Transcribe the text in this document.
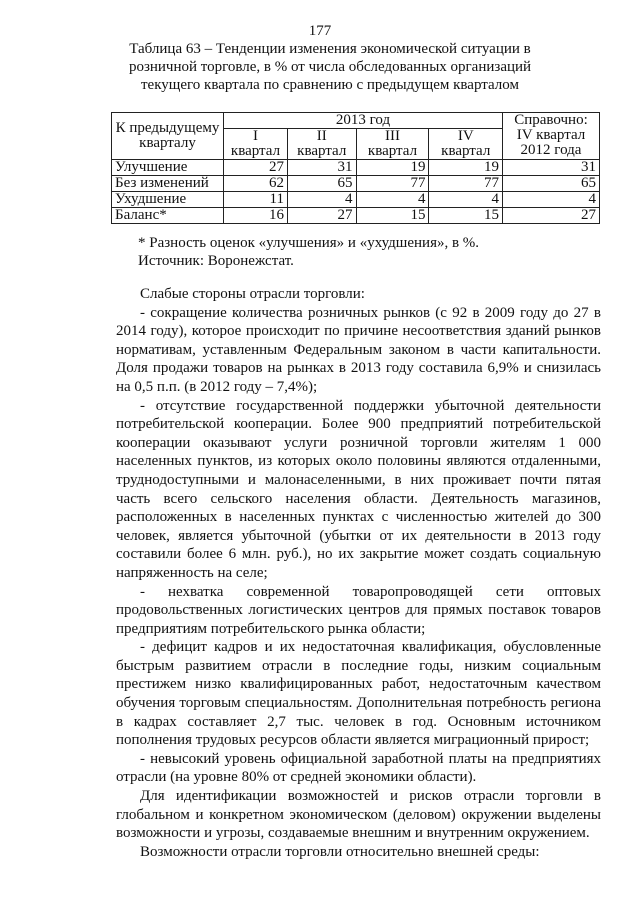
177
Таблица 63 – Тенденции изменения экономической ситуации в розничной торговле, в % от числа обследованных организаций текущего квартала по сравнению с предыдущем кварталом
К предыдущему кварталу	2013 год				Справочно: IV квартал 2012 года
	I квартал	II квартал	III квартал	IV квартал	
Улучшение	27	31	19	19	31
Без изменений	62	65	77	77	65
Ухудшение	11	4	4	4	4
Баланс*	16	27	15	15	27
* Разность оценок «улучшения» и «ухудшения», в %.
Источник: Воронежстат.

Слабые стороны отрасли торговли:

- сокращение количества розничных рынков (с 92 в 2009 году до 27 в 2014 году), которое происходит по причине несоответствия зданий рынков нормативам, уставленным Федеральным законом в части капитальности. Доля продажи товаров на рынках в 2013 году составила 6,9% и снизилась на 0,5 п.п. (в 2012 году – 7,4%);

- отсутствие государственной поддержки убыточной деятельности потребительской кооперации. Более 900 предприятий потребительской кооперации оказывают услуги розничной торговли жителям 1 000 населенных пунктов, из которых около половины являются отдаленными, труднодоступными и малонаселенными, в них проживает почти пятая часть всего сельского населения области. Деятельность магазинов, расположенных в населенных пунктах с численностью жителей до 300 человек, является убыточной (убытки от их деятельности в 2013 году составили более 6 млн. руб.), но их закрытие может создать социальную напряженность на селе;

- нехватка современной товаропроводящей сети оптовых продовольственных логистических центров для прямых поставок товаров предприятиям потребительского рынка области;

- дефицит кадров и их недостаточная квалификация, обусловленные быстрым развитием отрасли в последние годы, низким социальным престижем низко квалифицированных работ, недостаточным качеством обучения торговым специальностям. Дополнительная потребность региона в кадрах составляет 2,7 тыс. человек в год. Основным источником пополнения трудовых ресурсов области является миграционный прирост;

- невысокий уровень официальной заработной платы на предприятиях отрасли (на уровне 80% от средней экономики области).

Для идентификации возможностей и рисков отрасли торговли в глобальном и конкретном экономическом (деловом) окружении выделены возможности и угрозы, создаваемые внешним и внутренним окружением.

Возможности отрасли торговли относительно внешней среды:
